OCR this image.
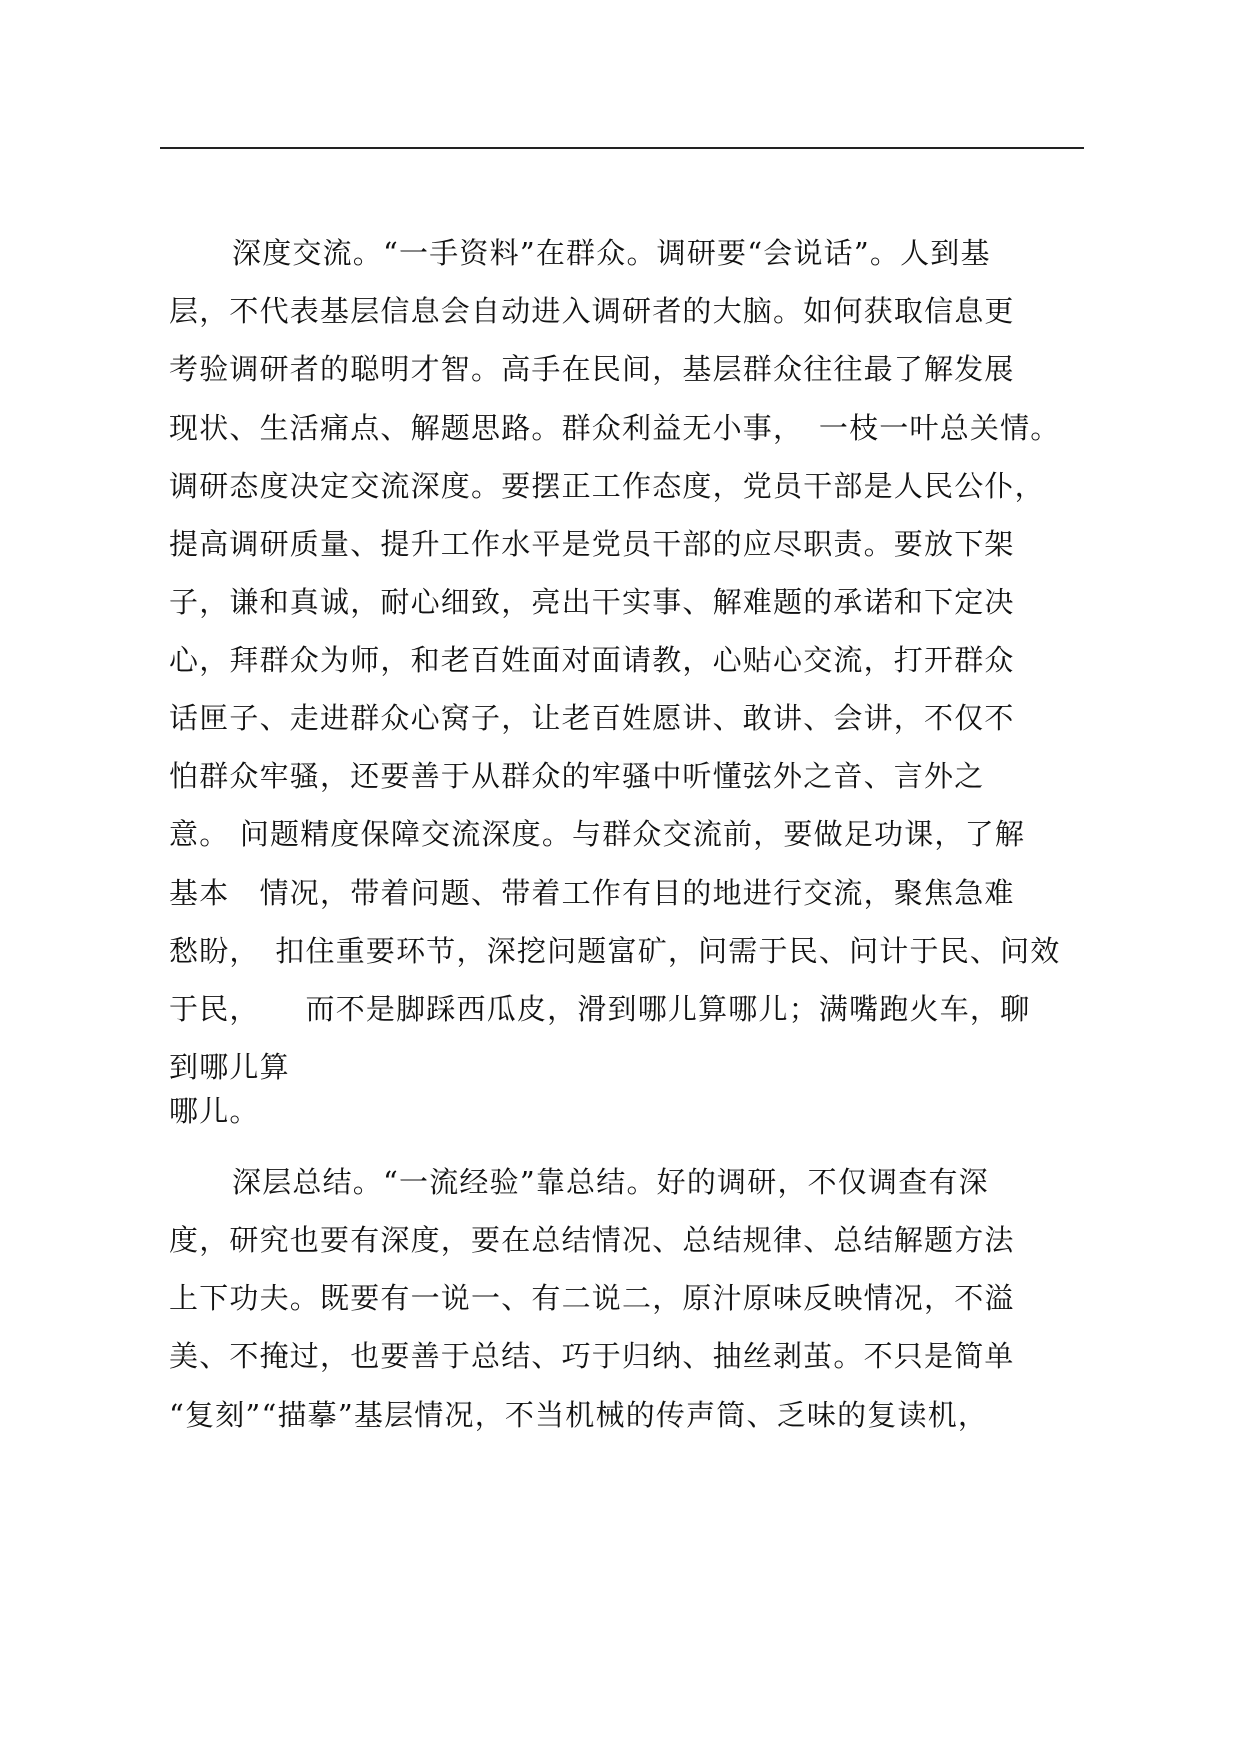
深度交流。“一手资料”在群众。调研要“会说话”。人到基
层，不代表基层信息会自动进入调研者的大脑。如何获取信息更
考验调研者的聪明才智。高手在民间，基层群众往往最了解发展
现状、生活痛点、解题思路。群众利益无小事，　一枝一叶总关情。
调研态度决定交流深度。要摆正工作态度，党员干部是人民公仆，
提高调研质量、提升工作水平是党员干部的应尽职责。要放下架
子，谦和真诚，耐心细致，亮出干实事、解难题的承诺和下定决
心，拜群众为师，和老百姓面对面请教，心贴心交流，打开群众
话匣子、走进群众心窝子，让老百姓愿讲、敢讲、会讲，不仅不
怕群众牢骚，还要善于从群众的牢骚中听懂弦外之音、言外之
意。 问题精度保障交流深度。与群众交流前，要做足功课，了解
基本　情况，带着问题、带着工作有目的地进行交流，聚焦急难
愁盼，　扣住重要环节，深挖问题富矿，问需于民、问计于民、问效
于民，　　而不是脚踩西瓜皮，滑到哪儿算哪儿；满嘴跑火车，聊
到哪儿算
哪儿。
深层总结。“一流经验”靠总结。好的调研，不仅调查有深
度，研究也要有深度，要在总结情况、总结规律、总结解题方法
上下功夫。既要有一说一、有二说二，原汁原味反映情况，不溢
美、不掩过，也要善于总结、巧于归纳、抽丝剥茧。不只是简单
“复刻”“描摹”基层情况，不当机械的传声筒、乏味的复读机，
